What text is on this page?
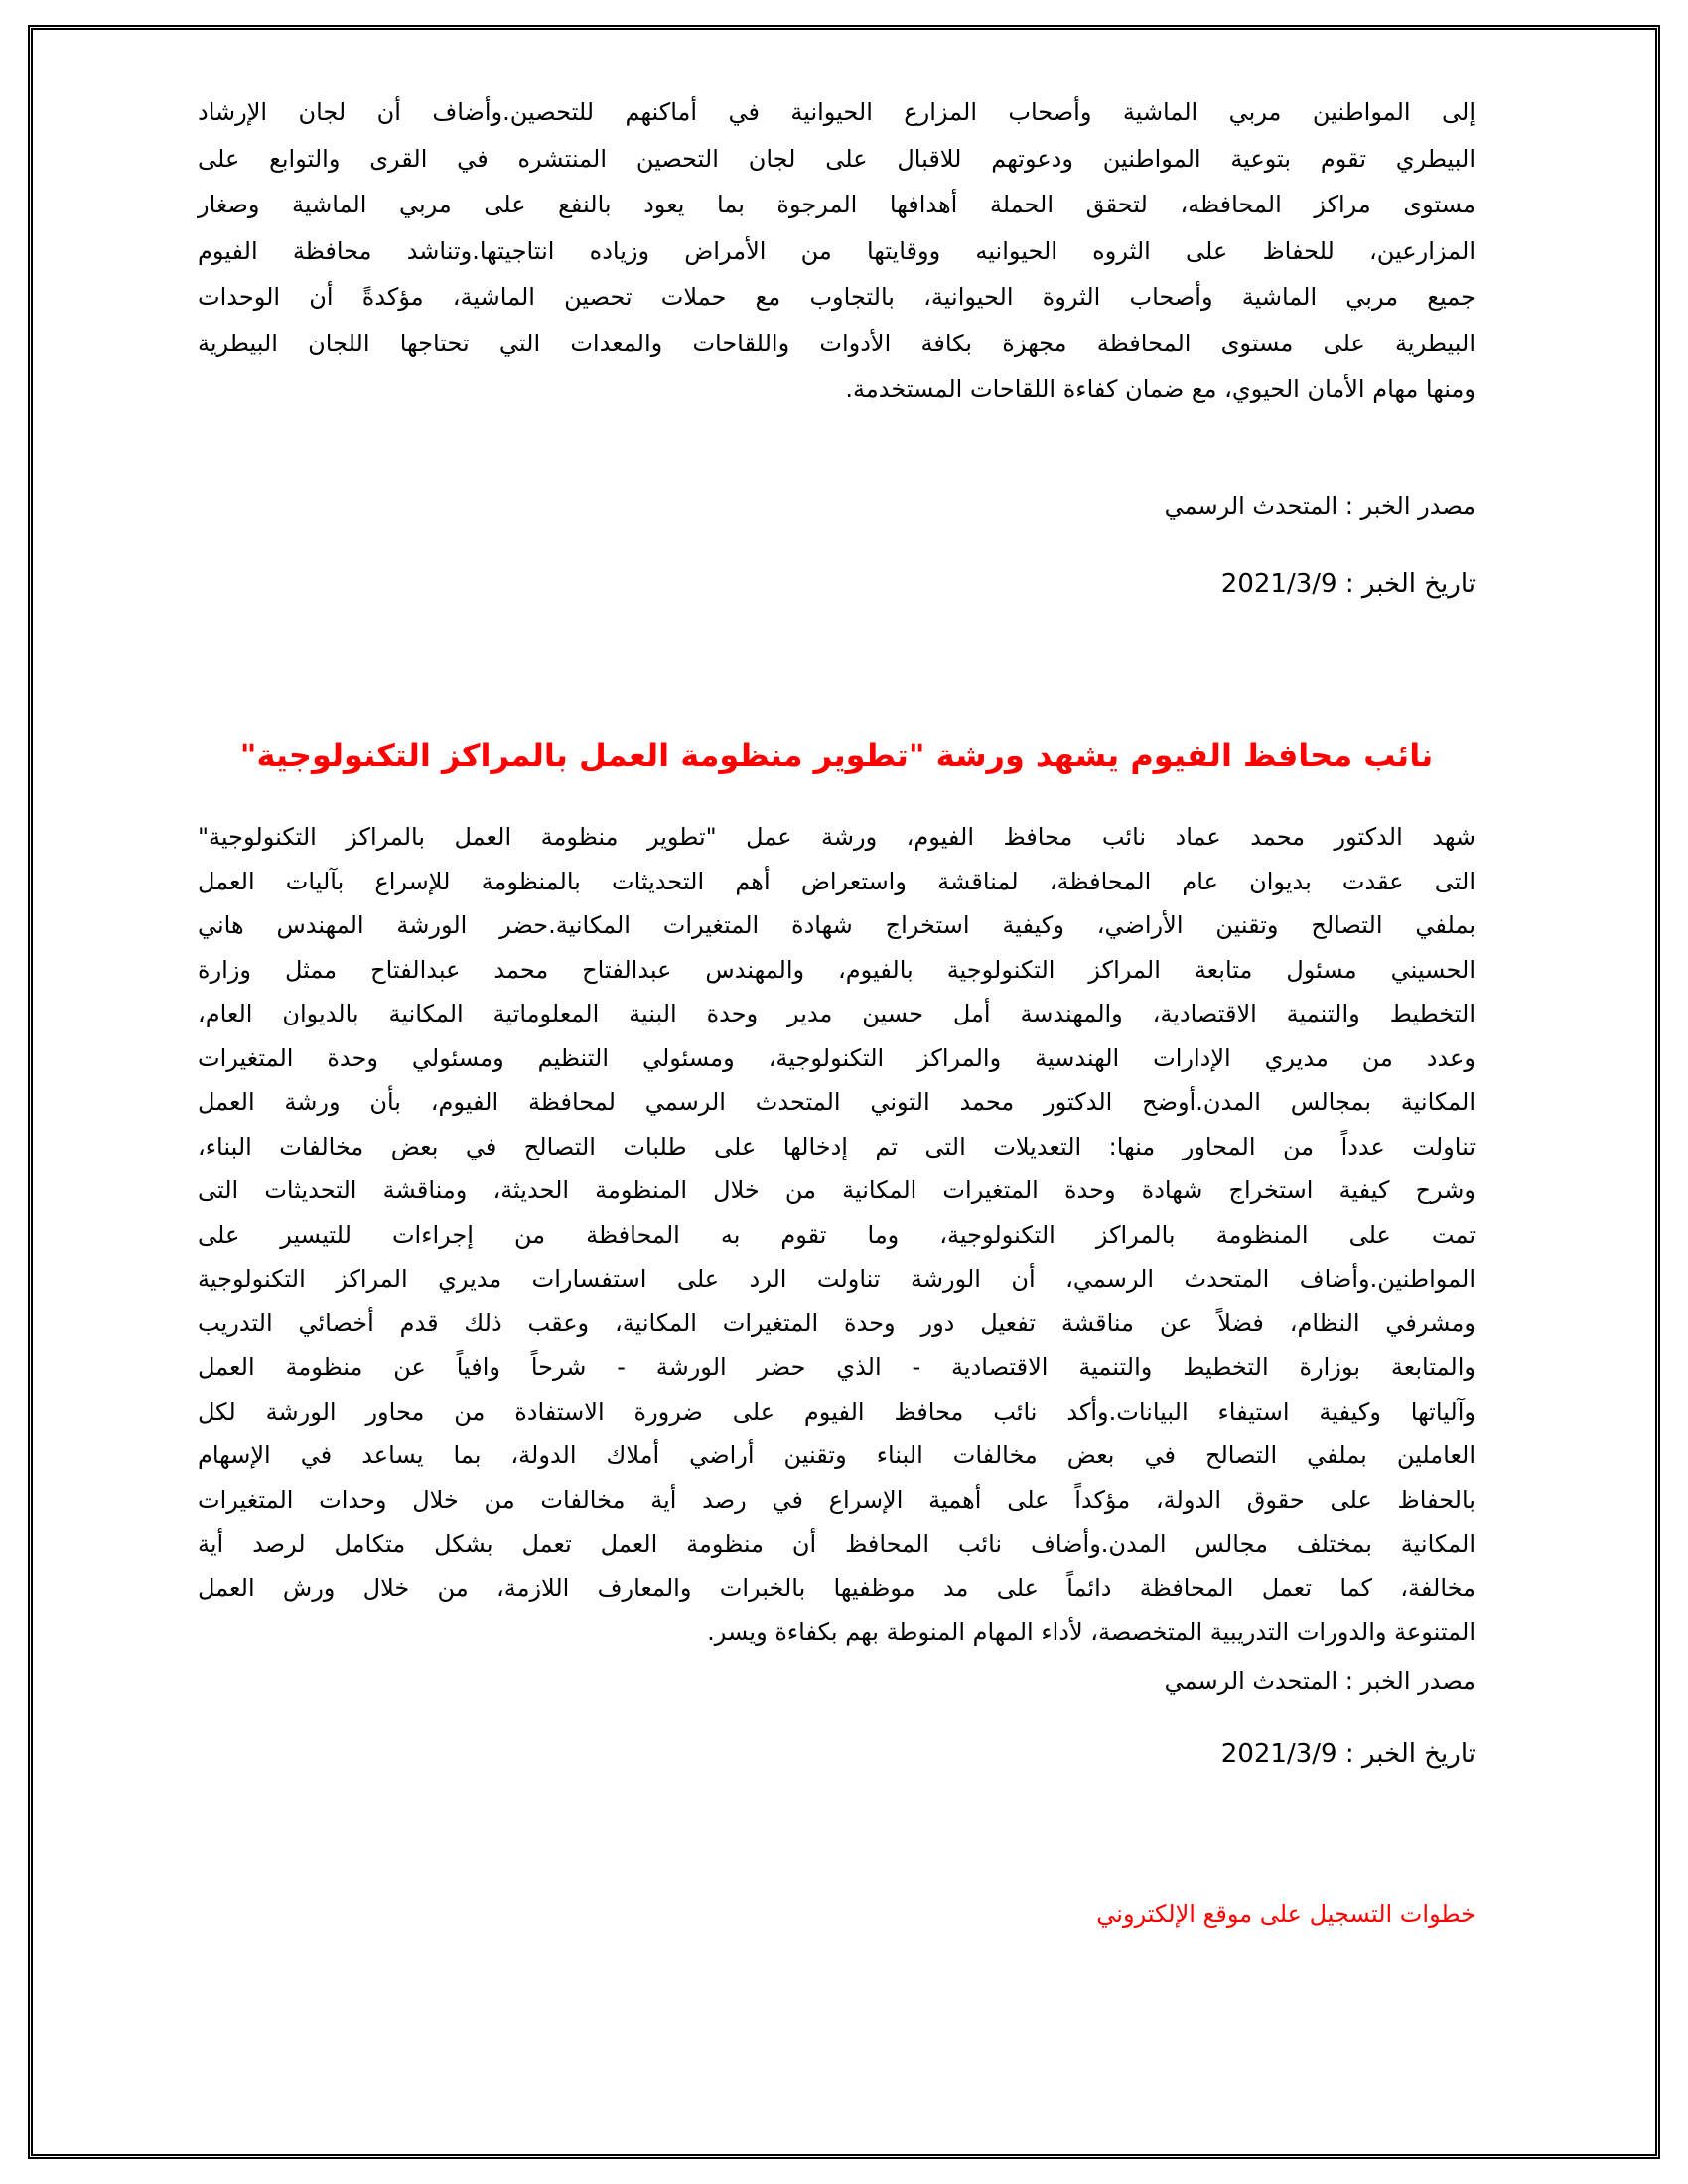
إلى المواطنين مربي الماشية وأصحاب المزارع الحيوانية في أماكنهم للتحصين.وأضاف أن لجان الإرشاد
البيطري تقوم بتوعية المواطنين ودعوتهم للاقبال على لجان التحصين المنتشره في القرى والتوابع على
مستوى مراكز المحافظه، لتحقق الحملة أهدافها المرجوة بما يعود بالنفع على مربي الماشية وصغار
المزارعين، للحفاظ على الثروه الحيوانيه ووقايتها من الأمراض وزياده انتاجيتها.وتناشد محافظة الفيوم
جميع مربي الماشية وأصحاب الثروة الحيوانية، بالتجاوب مع حملات تحصين الماشية، مؤكدةً أن الوحدات
البيطرية على مستوى المحافظة مجهزة بكافة الأدوات واللقاحات والمعدات التي تحتاجها اللجان البيطرية
ومنها مهام الأمان الحيوي، مع ضمان كفاءة اللقاحات المستخدمة.
مصدر الخبر : المتحدث الرسمي
تاريخ الخبر : 2021/3/9
نائب محافظ الفيوم يشهد ورشة "تطوير منظومة العمل بالمراكز التكنولوجية"
شهد الدكتور محمد عماد نائب محافظ الفيوم، ورشة عمل "تطوير منظومة العمل بالمراكز التكنولوجية"
التى عقدت بديوان عام المحافظة، لمناقشة واستعراض أهم التحديثات بالمنظومة للإسراع بآليات العمل
بملفي التصالح وتقنين الأراضي، وكيفية استخراج شهادة المتغيرات المكانية.حضر الورشة المهندس هاني
الحسيني مسئول متابعة المراكز التكنولوجية بالفيوم، والمهندس عبدالفتاح محمد عبدالفتاح ممثل وزارة
التخطيط والتنمية الاقتصادية، والمهندسة أمل حسين مدير وحدة البنية المعلوماتية المكانية بالديوان العام،
وعدد من مديري الإدارات الهندسية والمراكز التكنولوجية، ومسئولي التنظيم ومسئولي وحدة المتغيرات
المكانية بمجالس المدن.أوضح الدكتور محمد التوني المتحدث الرسمي لمحافظة الفيوم، بأن ورشة العمل
تناولت عدداً من المحاور منها: التعديلات التى تم إدخالها على طلبات التصالح في بعض مخالفات البناء،
وشرح كيفية استخراج شهادة وحدة المتغيرات المكانية من خلال المنظومة الحديثة، ومناقشة التحديثات التى
تمت على المنظومة بالمراكز التكنولوجية، وما تقوم به المحافظة من إجراءات للتيسير على
المواطنين.وأضاف المتحدث الرسمي، أن الورشة تناولت الرد على استفسارات مديري المراكز التكنولوجية
ومشرفي النظام، فضلاً عن مناقشة تفعيل دور وحدة المتغيرات المكانية، وعقب ذلك قدم أخصائي التدريب
والمتابعة بوزارة التخطيط والتنمية الاقتصادية - الذي حضر الورشة - شرحاً وافياً عن منظومة العمل
وآلياتها وكيفية استيفاء البيانات.وأكد نائب محافظ الفيوم على ضرورة الاستفادة من محاور الورشة لكل
العاملين بملفي التصالح في بعض مخالفات البناء وتقنين أراضي أملاك الدولة، بما يساعد في الإسهام
بالحفاظ على حقوق الدولة، مؤكداً على أهمية الإسراع في رصد أية مخالفات من خلال وحدات المتغيرات
المكانية بمختلف مجالس المدن.وأضاف نائب المحافظ أن منظومة العمل تعمل بشكل متكامل لرصد أية
مخالفة، كما تعمل المحافظة دائماً على مد موظفيها بالخبرات والمعارف اللازمة، من خلال ورش العمل
المتنوعة والدورات التدريبية المتخصصة، لأداء المهام المنوطة بهم بكفاءة ويسر.
مصدر الخبر : المتحدث الرسمي
تاريخ الخبر : 2021/3/9
خطوات التسجيل على موقع الإلكتروني
